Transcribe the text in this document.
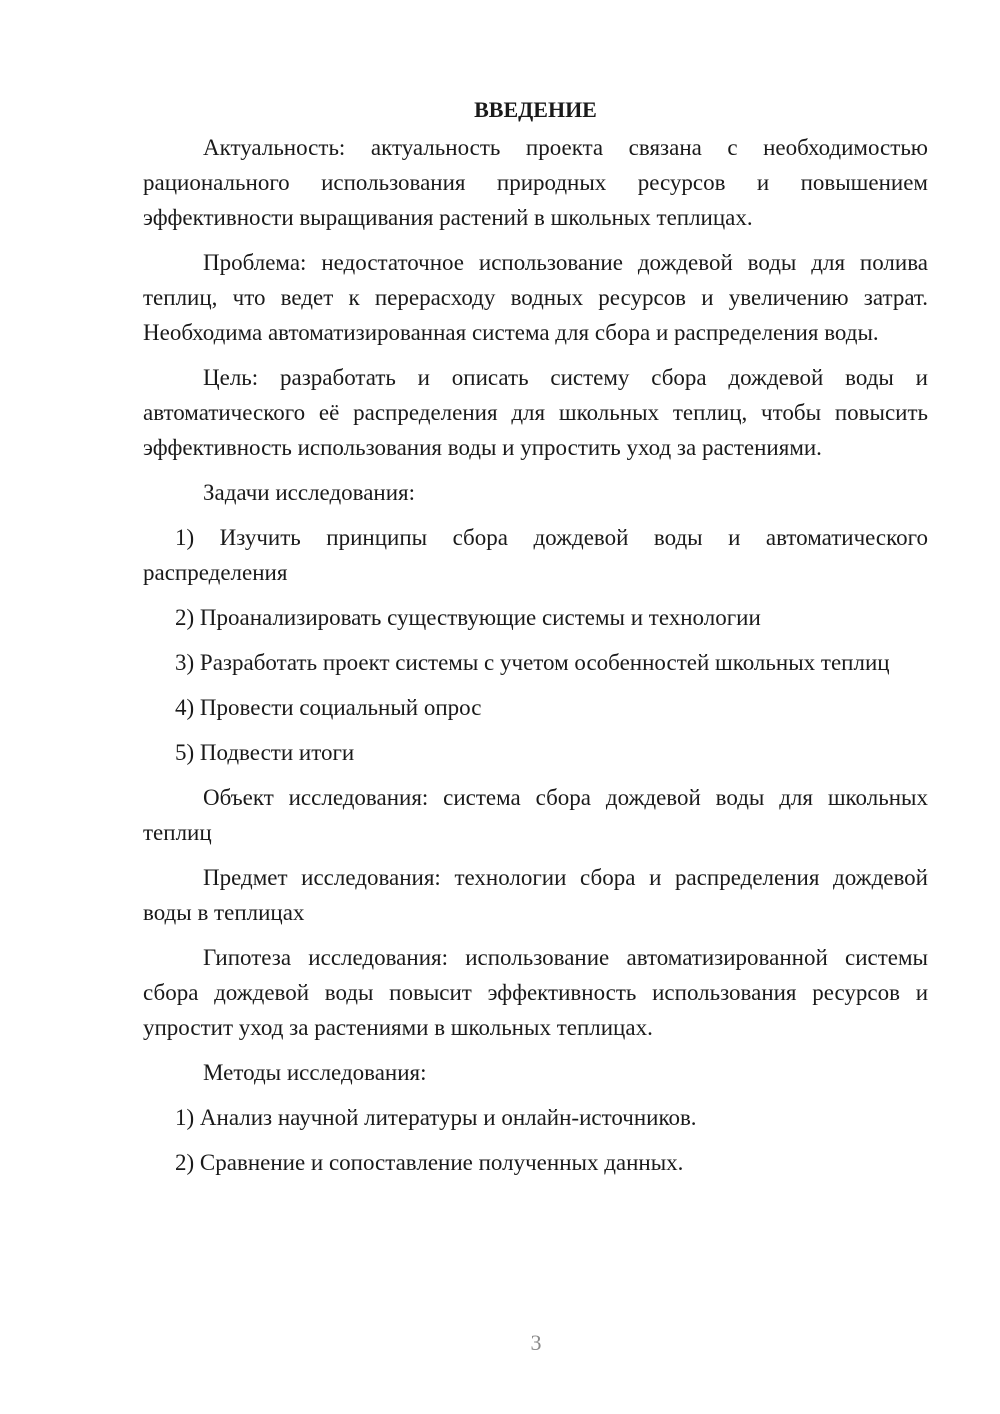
ВВЕДЕНИЕ

Актуальность: актуальность проекта связана с необходимостью рационального использования природных ресурсов и повышением эффективности выращивания растений в школьных теплицах.

Проблема: недостаточное использование дождевой воды для полива теплиц, что ведет к перерасходу водных ресурсов и увеличению затрат. Необходима автоматизированная система для сбора и распределения воды.

Цель: разработать и описать систему сбора дождевой воды и автоматического её распределения для школьных теплиц, чтобы повысить эффективность использования воды и упростить уход за растениями.

Задачи исследования:

1) Изучить принципы сбора дождевой воды и автоматического распределения

2) Проанализировать существующие системы и технологии

3) Разработать проект системы с учетом особенностей школьных теплиц

4) Провести социальный опрос

5) Подвести итоги

Объект исследования: система сбора дождевой воды для школьных теплиц

Предмет исследования: технологии сбора и распределения дождевой воды в теплицах

Гипотеза исследования: использование автоматизированной системы сбора дождевой воды повысит эффективность использования ресурсов и упростит уход за растениями в школьных теплицах.

Методы исследования:

1) Анализ научной литературы и онлайн-источников.

2) Сравнение и сопоставление полученных данных.

3
